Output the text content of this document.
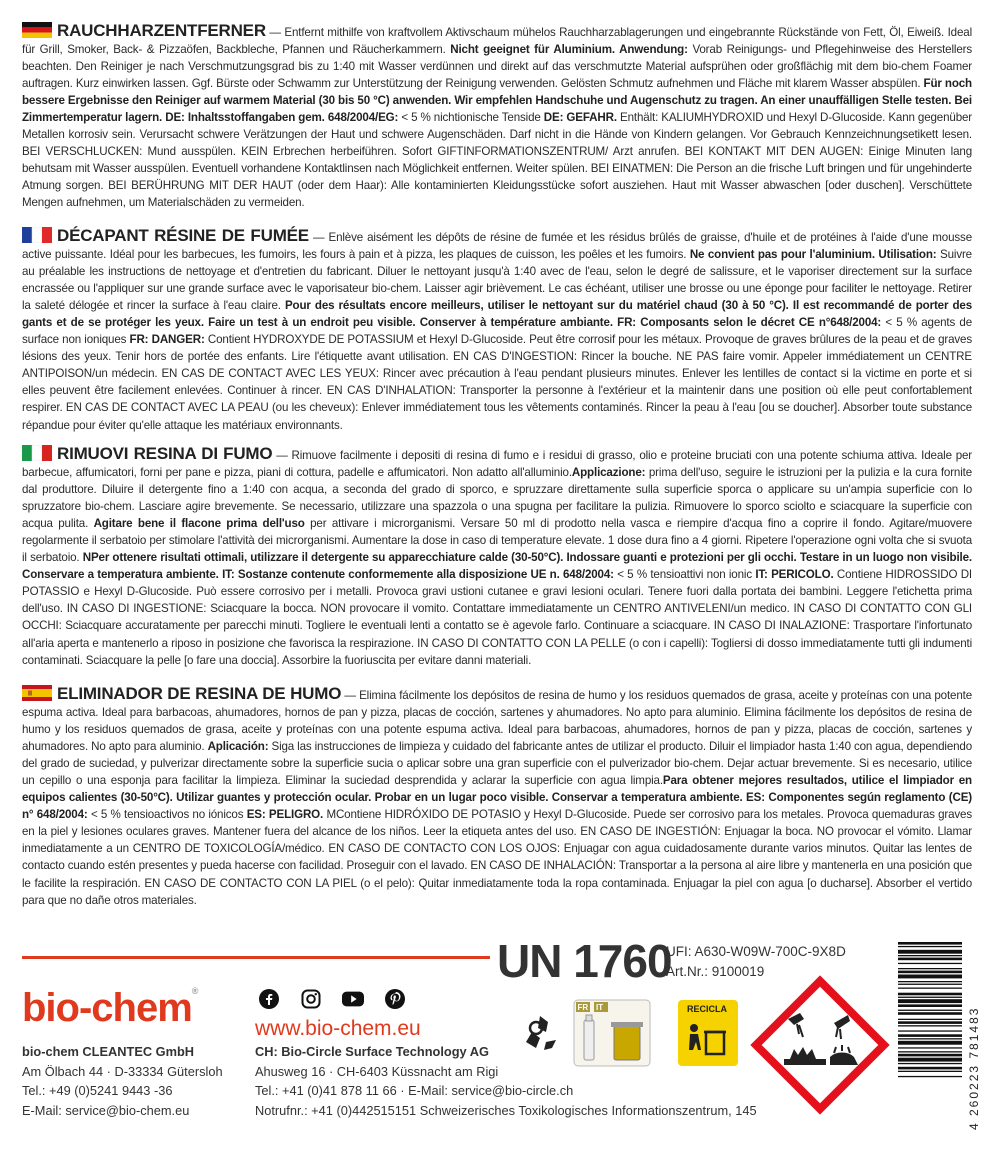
RAUCHHARZENTFERNER — Entfernt mithilfe von kraftvollem Aktivschaum mühelos Rauchharzablagerungen und eingebrannte Rückstände von Fett, Öl, Eiweiß. Ideal für Grill, Smoker, Back- & Pizzaöfen, Backbleche, Pfannen und Räucherkammern. Nicht geeignet für Aluminium. Anwendung: Vorab Reinigungs- und Pflegehinweise des Herstellers beachten. Den Reiniger je nach Verschmutzungsgrad bis zu 1:40 mit Wasser verdünnen und direkt auf das verschmutzte Material aufsprühen oder großflächig mit dem bio-chem Foamer auftragen. Kurz einwirken lassen. Ggf. Bürste oder Schwamm zur Unterstützung der Reinigung verwenden. Gelösten Schmutz aufnehmen und Fläche mit klarem Wasser abspülen. Für noch bessere Ergebnisse den Reiniger auf warmem Material (30 bis 50 °C) anwenden. Wir empfehlen Handschuhe und Augenschutz zu tragen. An einer unauffälligen Stelle testen. Bei Zimmertemperatur lagern. DE: Inhaltsstoffangaben gem. 648/2004/EG: < 5 % nichtionische Tenside DE: GEFAHR. Enthält: KALIUMHYDROXID und Hexyl D-Glucoside. Kann gegenüber Metallen korrosiv sein. Verursacht schwere Verätzungen der Haut und schwere Augenschäden. Darf nicht in die Hände von Kindern gelangen. Vor Gebrauch Kennzeichnungsetikett lesen. BEI VERSCHLUCKEN: Mund ausspülen. KEIN Erbrechen herbeiführen. Sofort GIFTINFORMATIONSZENTRUM/ Arzt anrufen. BEI KONTAKT MIT DEN AUGEN: Einige Minuten lang behutsam mit Wasser ausspülen. Eventuell vorhandene Kontaktlinsen nach Möglichkeit entfernen. Weiter spülen. BEI EINATMEN: Die Person an die frische Luft bringen und für ungehinderte Atmung sorgen. BEI BERÜHRUNG MIT DER HAUT (oder dem Haar): Alle kontaminierten Kleidungsstücke sofort ausziehen. Haut mit Wasser abwaschen [oder duschen]. Verschüttete Mengen aufnehmen, um Materialschäden zu vermeiden.
DÉCAPANT RÉSINE DE FUMÉE — Enlève aisément les dépôts de résine de fumée et les résidus brûlés de graisse, d'huile et de protéines à l'aide d'une mousse active puissante. Idéal pour les barbecues, les fumoirs, les fours à pain et à pizza, les plaques de cuisson, les poêles et les fumoirs. Ne convient pas pour l'aluminium. Utilisation: Suivre au préalable les instructions de nettoyage et d'entretien du fabricant. Diluer le nettoyant jusqu'à 1:40 avec de l'eau, selon le degré de salissure, et le vaporiser directement sur la surface encrassée ou l'appliquer sur une grande surface avec le vaporisateur bio-chem. Laisser agir brièvement. Le cas échéant, utiliser une brosse ou une éponge pour faciliter le nettoyage. Retirer la saleté délogée et rincer la surface à l'eau claire. Pour des résultats encore meilleurs, utiliser le nettoyant sur du matériel chaud (30 à 50 °C). Il est recommandé de porter des gants et de se protéger les yeux. Faire un test à un endroit peu visible. Conserver à température ambiante. FR: Composants selon le décret CE n°648/2004: < 5 % agents de surface non ioniques FR: DANGER: Contient HYDROXYDE DE POTASSIUM et Hexyl D-Glucoside. Peut être corrosif pour les métaux. Provoque de graves brûlures de la peau et de graves lésions des yeux. Tenir hors de portée des enfants. Lire l'étiquette avant utilisation. EN CAS D'INGESTION: Rincer la bouche. NE PAS faire vomir. Appeler immédiatement un CENTRE ANTIPOISON/un médecin. EN CAS DE CONTACT AVEC LES YEUX: Rincer avec précaution à l'eau pendant plusieurs minutes. Enlever les lentilles de contact si la victime en porte et si elles peuvent être facilement enlevées. Continuer à rincer. EN CAS D'INHALATION: Transporter la personne à l'extérieur et la maintenir dans une position où elle peut confortablement respirer. EN CAS DE CONTACT AVEC LA PEAU (ou les cheveux): Enlever immédiatement tous les vêtements contaminés. Rincer la peau à l'eau [ou se doucher]. Absorber toute substance répandue pour éviter qu'elle attaque les matériaux environnants.
RIMUOVI RESINA DI FUMO — Rimuove facilmente i depositi di resina di fumo e i residui di grasso, olio e proteine bruciati con una potente schiuma attiva. Ideale per barbecue, affumicatori, forni per pane e pizza, piani di cottura, padelle e affumicatori. Non adatto all'alluminio.Applicazione: prima dell'uso, seguire le istruzioni per la pulizia e la cura fornite dal produttore. Diluire il detergente fino a 1:40 con acqua, a seconda del grado di sporco, e spruzzare direttamente sulla superficie sporca o applicare su un'ampia superficie con lo spruzzatore bio-chem. Lasciare agire brevemente. Se necessario, utilizzare una spazzola o una spugna per facilitare la pulizia. Rimuovere lo sporco sciolto e sciacquare la superficie con acqua pulita. Agitare bene il flacone prima dell'uso per attivare i microrganismi. Versare 50 ml di prodotto nella vasca e riempire d'acqua fino a coprire il fondo. Agitare/muovere regolarmente il serbatoio per stimolare l'attività dei microrganismi. Aumentare la dose in caso di temperature elevate. 1 dose dura fino a 4 giorni. Ripetere l'operazione ogni volta che si svuota il serbatoio. NPer ottenere risultati ottimali, utilizzare il detergente su apparecchiature calde (30-50°C). Indossare guanti e protezioni per gli occhi. Testare in un luogo non visibile. Conservare a temperatura ambiente. IT: Sostanze contenute conformemente alla disposizione UE n. 648/2004: < 5 % tensioattivi non ionic IT: PERICOLO. Contiene HIDROSSIDO DI POTASSIO e Hexyl D-Glucoside. Può essere corrosivo per i metalli. Provoca gravi ustioni cutanee e gravi lesioni oculari. Tenere fuori dalla portata dei bambini. Leggere l'etichetta prima dell'uso. IN CASO DI INGESTIONE: Sciacquare la bocca. NON provocare il vomito. Contattare immediatamente un CENTRO ANTIVELENI/un medico. IN CASO DI CONTATTO CON GLI OCCHI: Sciacquare accuratamente per parecchi minuti. Togliere le eventuali lenti a contatto se è agevole farlo. Continuare a sciacquare. IN CASO DI INALAZIONE: Trasportare l'infortunato all'aria aperta e mantenerlo a riposo in posizione che favorisca la respirazione. IN CASO DI CONTATTO CON LA PELLE (o con i capelli): Togliersi di dosso immediatamente tutti gli indumenti contaminati. Sciacquare la pelle [o fare una doccia]. Assorbire la fuoriuscita per evitare danni materiali.
ELIMINADOR DE RESINA DE HUMO — Elimina fácilmente los depósitos de resina de humo y los residuos quemados de grasa, aceite y proteínas con una potente espuma activa. Ideal para barbacoas, ahumadores, hornos de pan y pizza, placas de cocción, sartenes y ahumadores. No apto para aluminio. Elimina fácilmente los depósitos de resina de humo y los residuos quemados de grasa, aceite y proteínas con una potente espuma activa. Ideal para barbacoas, ahumadores, hornos de pan y pizza, placas de cocción, sartenes y ahumadores. No apto para aluminio. Aplicación: Siga las instrucciones de limpieza y cuidado del fabricante antes de utilizar el producto. Diluir el limpiador hasta 1:40 con agua, dependiendo del grado de suciedad, y pulverizar directamente sobre la superficie sucia o aplicar sobre una gran superficie con el pulverizador bio-chem. Dejar actuar brevemente. Si es necesario, utilice un cepillo o una esponja para facilitar la limpieza. Eliminar la suciedad desprendida y aclarar la superficie con agua limpia.Para obtener mejores resultados, utilice el limpiador en equipos calientes (30-50°C). Utilizar guantes y protección ocular. Probar en un lugar poco visible. Conservar a temperatura ambiente. ES: Componentes según reglamento (CE) n° 648/2004: < 5 % tensioactivos no iónicos ES: PELIGRO. MContiene HIDRÓXIDO DE POTASIO y Hexyl D-Glucoside. Puede ser corrosivo para los metales. Provoca quemaduras graves en la piel y lesiones oculares graves. Mantener fuera del alcance de los niños. Leer la etiqueta antes del uso. EN CASO DE INGESTIÓN: Enjuagar la boca. NO provocar el vómito. Llamar inmediatamente a un CENTRO DE TOXICOLOGÍA/médico. EN CASO DE CONTACTO CON LOS OJOS: Enjuagar con agua cuidadosamente durante varios minutos. Quitar las lentes de contacto cuando estén presentes y pueda hacerse con facilidad. Proseguir con el lavado. EN CASO DE INHALACIÓN: Transportar a la persona al aire libre y mantenerla en una posición que le facilite la respiración. EN CASO DE CONTACTO CON LA PIEL (o el pelo): Quitar inmediatamente toda la ropa contaminada. Enjuagar la piel con agua [o ducharse]. Absorber el vertido para que no dañe otros materiales.
UN 1760
UFI: A630-W09W-700C-9X8D
Art.Nr.: 9100019
bio-chem®
bio-chem CLEANTEC GmbH
Am Ölbach 44 · D-33334 Gütersloh
Tel.: +49 (0)5241 9443 -36
E-Mail: service@bio-chem.eu
www.bio-chem.eu
CH: Bio-Circle Surface Technology AG
Ahusweg 16 · CH-6403 Küssnacht am Rigi
Tel.: +41 (0)41 878 11 66 · E-Mail: service@bio-circle.ch
Notrufnr.: +41 (0)442515151 Schweizerisches Toxikologisches Informationszentrum, 145
FR IT	RECICLA	4 260223 781483
